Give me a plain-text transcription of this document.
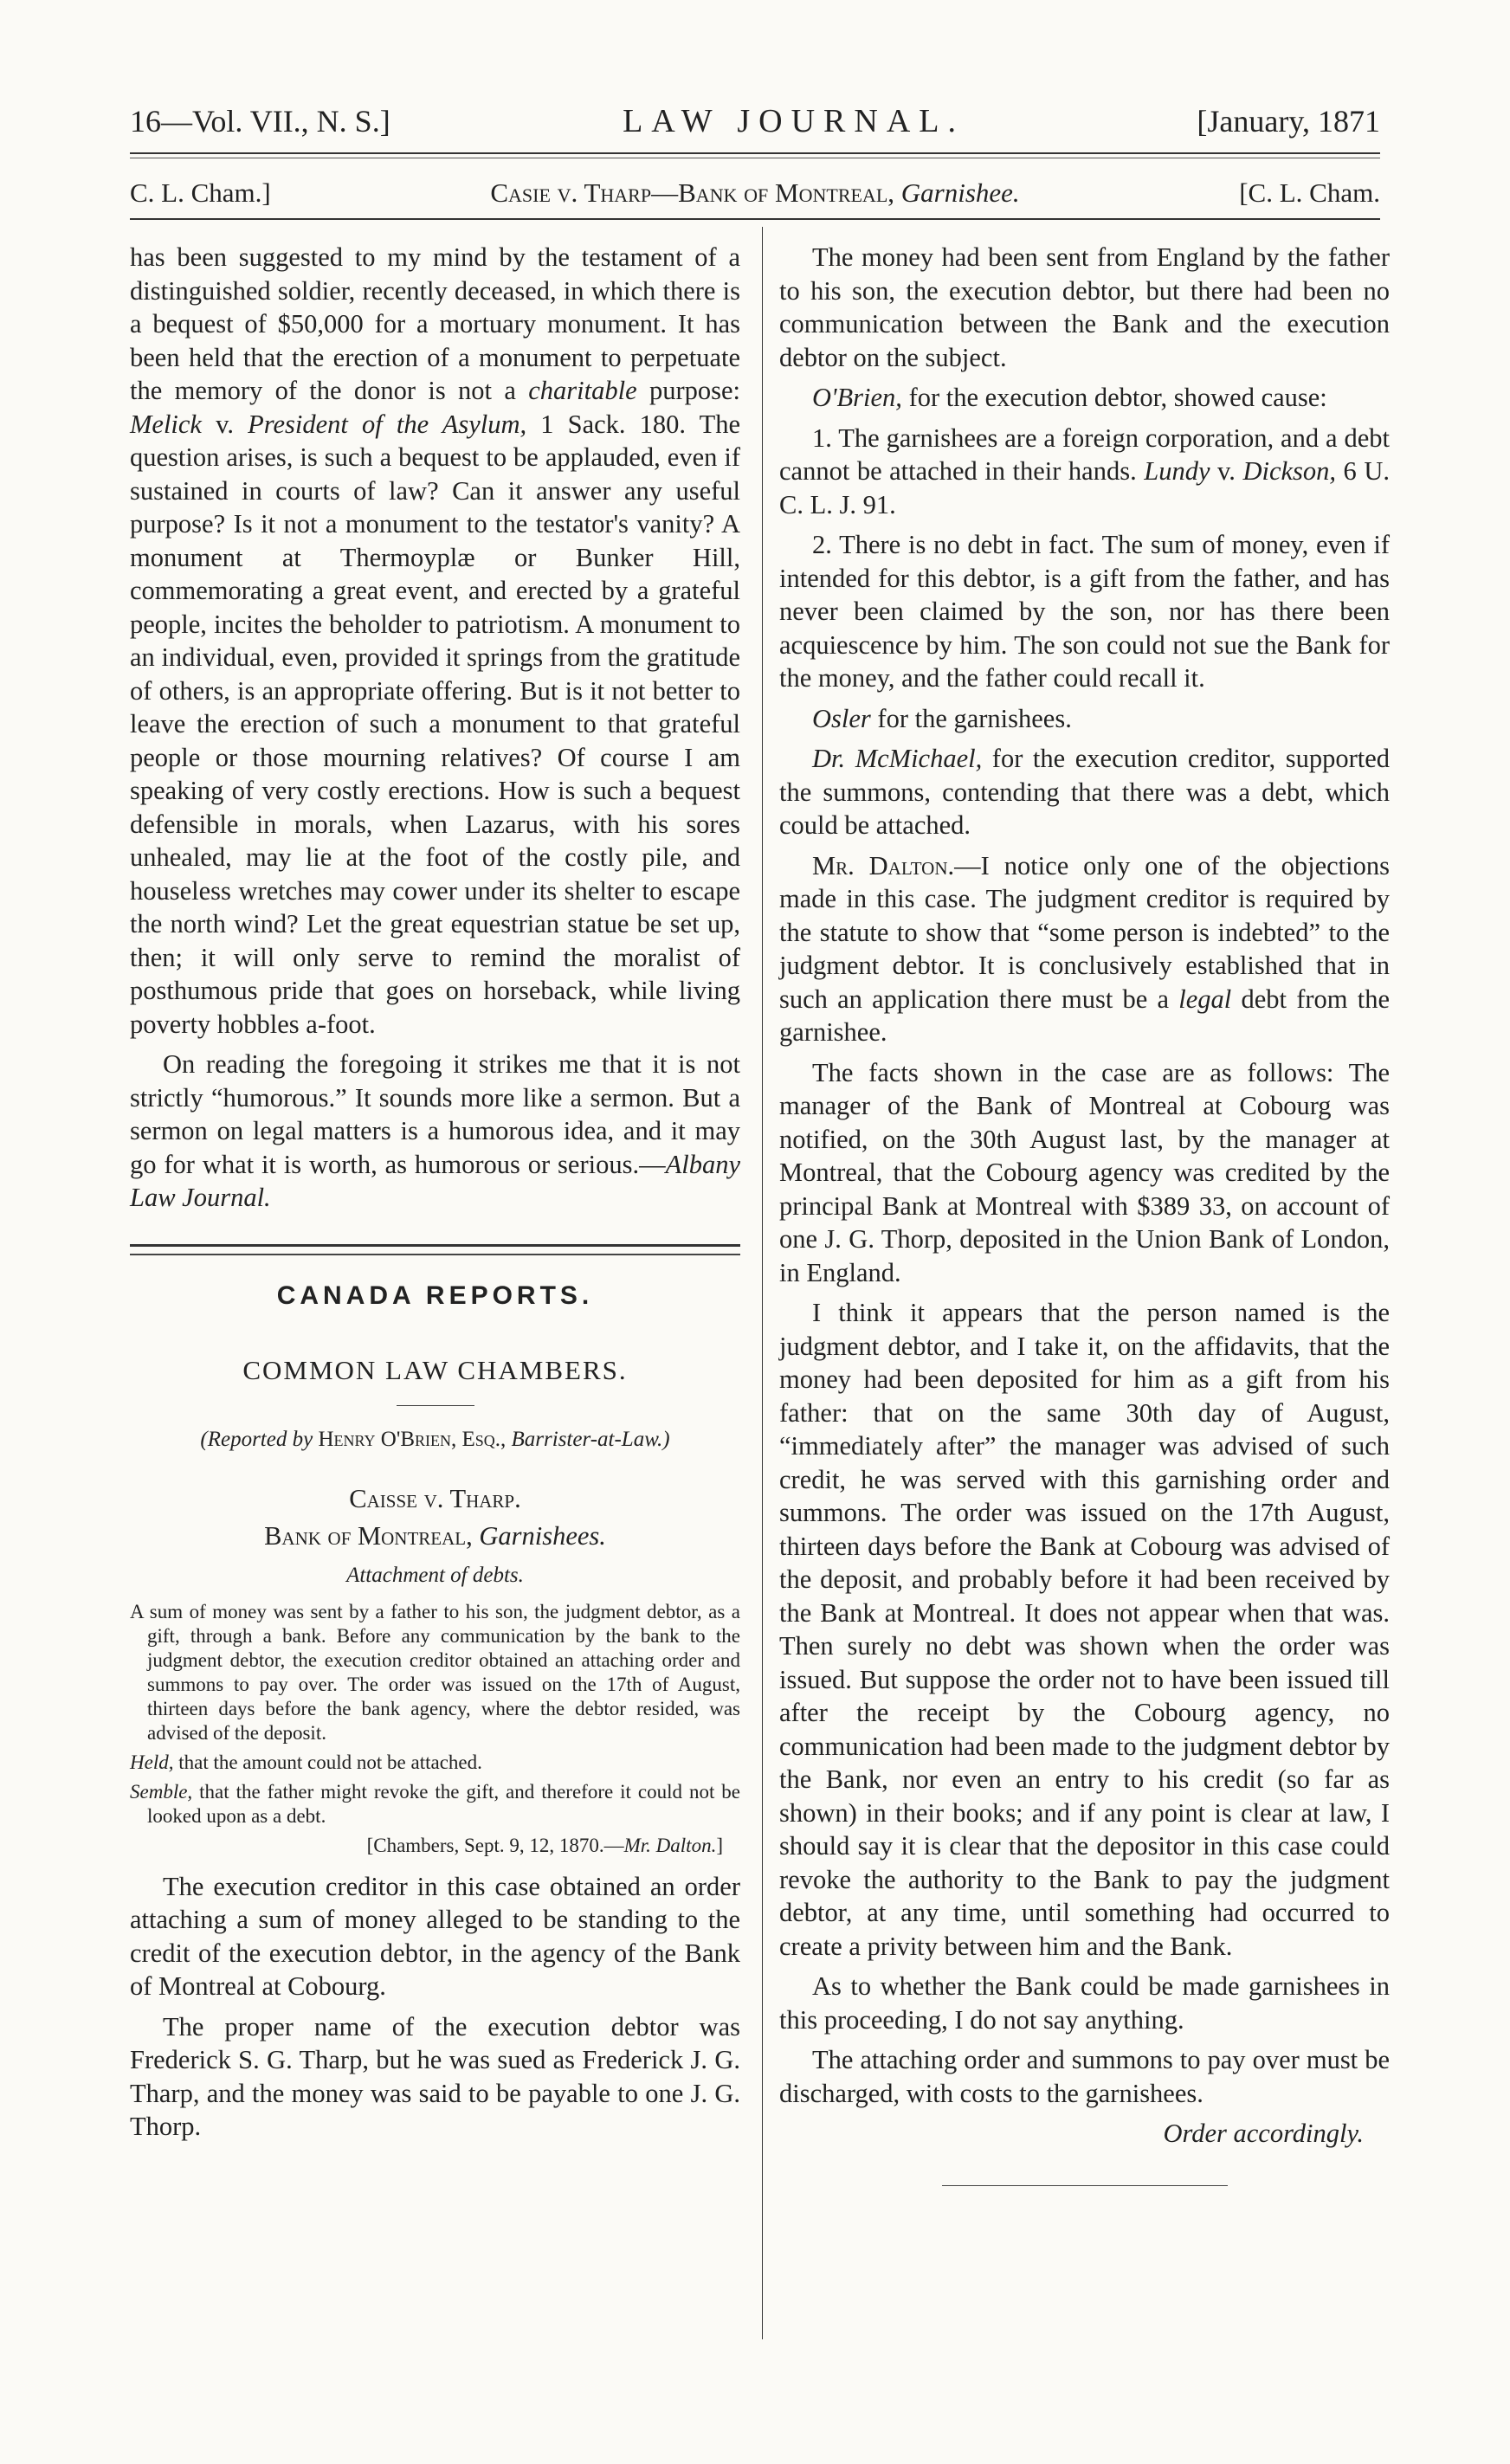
16—Vol. VII., N. S.]	LAW JOURNAL.	[January, 1871
C. L. Cham.]	Casie v. Tharp—Bank of Montreal, Garnishee.	[C. L. Cham.

has been suggested to my mind by the testament of a distinguished soldier, recently deceased, in which there is a bequest of $50,000 for a mortuary monument. It has been held that the erection of a monument to perpetuate the memory of the donor is not a charitable purpose: Melick v. President of the Asylum, 1 Sack. 180. The question arises, is such a bequest to be applauded, even if sustained in courts of law? Can it answer any useful purpose? Is it not a monument to the testator's vanity? A monument at Thermoyplæ or Bunker Hill, commemorating a great event, and erected by a grateful people, incites the beholder to patriotism. A monument to an individual, even, provided it springs from the gratitude of others, is an appropriate offering. But is it not better to leave the erection of such a monument to that grateful people or those mourning relatives? Of course I am speaking of very costly erections. How is such a bequest defensible in morals, when Lazarus, with his sores unhealed, may lie at the foot of the costly pile, and houseless wretches may cower under its shelter to escape the north wind? Let the great equestrian statue be set up, then; it will only serve to remind the moralist of posthumous pride that goes on horseback, while living poverty hobbles a-foot.

On reading the foregoing it strikes me that it is not strictly “humorous.” It sounds more like a sermon. But a sermon on legal matters is a humorous idea, and it may go for what it is worth, as humorous or serious.—Albany Law Journal.

CANADA REPORTS.
COMMON LAW CHAMBERS.

(Reported by Henry O'Brien, Esq., Barrister-at-Law.)

Caisse v. Tharp.

Bank of Montreal, Garnishees.

Attachment of debts.

A sum of money was sent by a father to his son, the judgment debtor, as a gift, through a bank. Before any communication by the bank to the judgment debtor, the execution creditor obtained an attaching order and summons to pay over. The order was issued on the 17th of August, thirteen days before the bank agency, where the debtor resided, was advised of the deposit.

Held, that the amount could not be attached.

Semble, that the father might revoke the gift, and therefore it could not be looked upon as a debt.

[Chambers, Sept. 9, 12, 1870.—Mr. Dalton.]

The execution creditor in this case obtained an order attaching a sum of money alleged to be standing to the credit of the execution debtor, in the agency of the Bank of Montreal at Cobourg.

The proper name of the execution debtor was Frederick S. G. Tharp, but he was sued as Frederick J. G. Tharp, and the money was said to be payable to one J. G. Thorp.

The money had been sent from England by the father to his son, the execution debtor, but there had been no communication between the Bank and the execution debtor on the subject.

O'Brien, for the execution debtor, showed cause:

1. The garnishees are a foreign corporation, and a debt cannot be attached in their hands. Lundy v. Dickson, 6 U. C. L. J. 91.

2. There is no debt in fact. The sum of money, even if intended for this debtor, is a gift from the father, and has never been claimed by the son, nor has there been acquiescence by him. The son could not sue the Bank for the money, and the father could recall it.

Osler for the garnishees.

Dr. McMichael, for the execution creditor, supported the summons, contending that there was a debt, which could be attached.

Mr. Dalton.—I notice only one of the objections made in this case. The judgment creditor is required by the statute to show that “some person is indebted” to the judgment debtor. It is conclusively established that in such an application there must be a legal debt from the garnishee.

The facts shown in the case are as follows: The manager of the Bank of Montreal at Cobourg was notified, on the 30th August last, by the manager at Montreal, that the Cobourg agency was credited by the principal Bank at Montreal with $389 33, on account of one J. G. Thorp, deposited in the Union Bank of London, in England.

I think it appears that the person named is the judgment debtor, and I take it, on the affidavits, that the money had been deposited for him as a gift from his father: that on the same 30th day of August, “immediately after” the manager was advised of such credit, he was served with this garnishing order and summons. The order was issued on the 17th August, thirteen days before the Bank at Cobourg was advised of the deposit, and probably before it had been received by the Bank at Montreal. It does not appear when that was. Then surely no debt was shown when the order was issued. But suppose the order not to have been issued till after the receipt by the Cobourg agency, no communication had been made to the judgment debtor by the Bank, nor even an entry to his credit (so far as shown) in their books; and if any point is clear at law, I should say it is clear that the depositor in this case could revoke the authority to the Bank to pay the judgment debtor, at any time, until something had occurred to create a privity between him and the Bank.

As to whether the Bank could be made garnishees in this proceeding, I do not say anything.

The attaching order and summons to pay over must be discharged, with costs to the garnishees.

Order accordingly.
